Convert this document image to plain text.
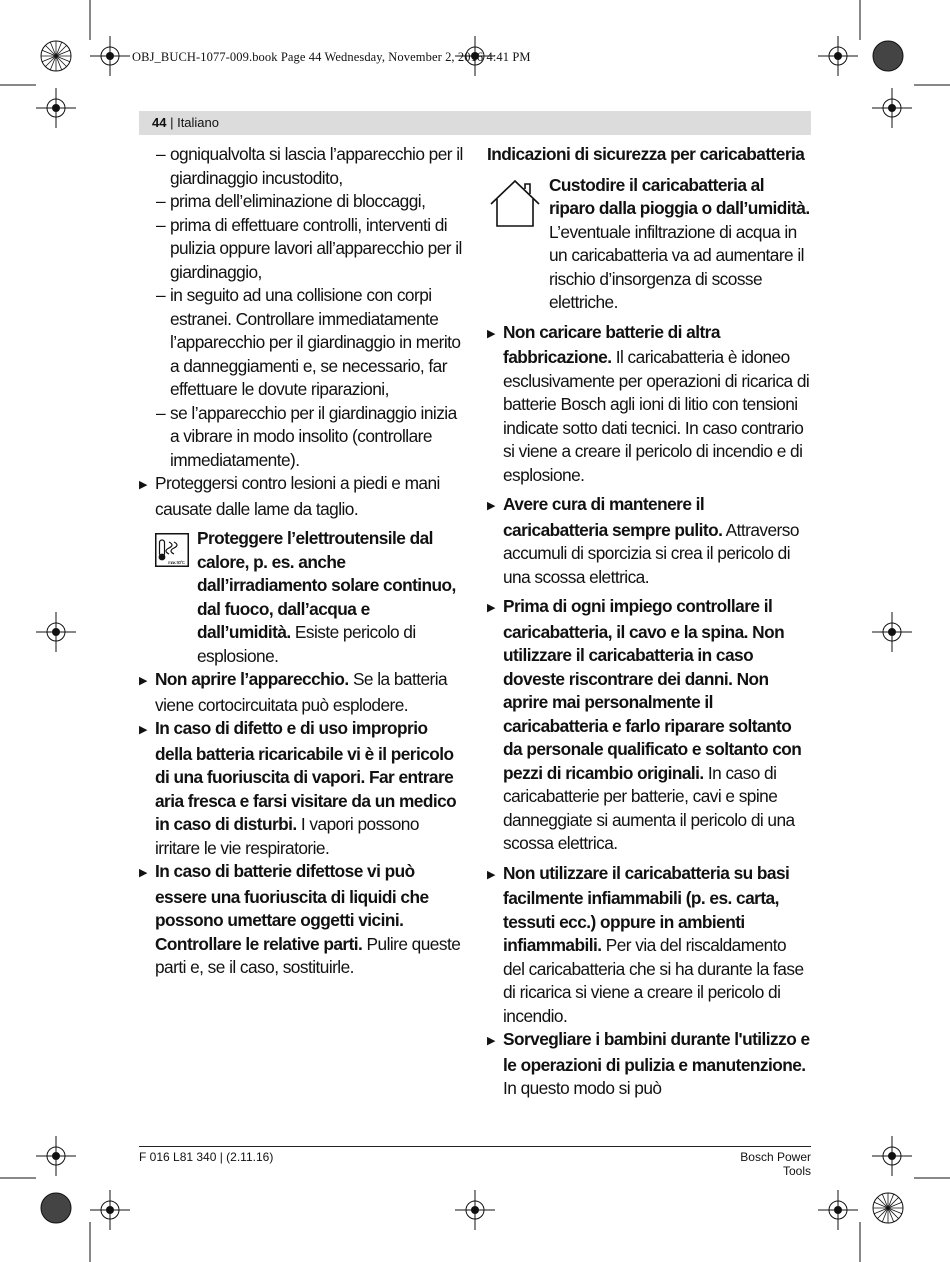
OBJ_BUCH-1077-009.book Page 44 Wednesday, November 2, 2016 4:41 PM
44 | Italiano
– ogniqualvolta si lascia l’apparecchio per il giardinaggio incustodito,
– prima dell’eliminazione di bloccaggi,
– prima di effettuare controlli, interventi di pulizia oppure lavori all’apparecchio per il giardinaggio,
– in seguito ad una collisione con corpi estranei. Controllare immediatamente l’apparecchio per il giardinaggio in merito a danneggiamenti e, se necessario, far effettuare le dovute riparazioni,
– se l’apparecchio per il giardinaggio inizia a vibrare in modo insolito (controllare immediatamente).
▶ Proteggersi contro lesioni a piedi e mani causate dalle lame da taglio.
max. 50°C
Proteggere l’elettroutensile dal calore, p. es. anche dall’irradiamento solare continuo, dal fuoco, dall’acqua e dall’umidità. Esiste pericolo di esplosione.
▶ Non aprire l’apparecchio. Se la batteria viene cortocircuitata può esplodere.
▶ In caso di difetto e di uso improprio della batteria ricaricabile vi è il pericolo di una fuoriuscita di vapori. Far entrare aria fresca e farsi visitare da un medico in caso di disturbi. I vapori possono irritare le vie respiratorie.
▶ In caso di batterie difettose vi può essere una fuoriuscita di liquidi che possono umettare oggetti vicini. Controllare le relative parti. Pulire queste parti e, se il caso, sostituirle.
Indicazioni di sicurezza per caricabatteria
Custodire il caricabatteria al riparo dalla pioggia o dall’umidità. L’eventuale infiltrazione di acqua in un caricabatteria va ad aumentare il rischio d’insorgenza di scosse elettriche.
▶ Non caricare batterie di altra fabbricazione. Il caricabatteria è idoneo esclusivamente per operazioni di ricarica di batterie Bosch agli ioni di litio con tensioni indicate sotto dati tecnici. In caso contrario si viene a creare il pericolo di incendio e di esplosione.
▶ Avere cura di mantenere il caricabatteria sempre pulito. Attraverso accumuli di sporcizia si crea il pericolo di una scossa elettrica.
▶ Prima di ogni impiego controllare il caricabatteria, il cavo e la spina. Non utilizzare il caricabatteria in caso doveste riscontrare dei danni. Non aprire mai personalmente il caricabatteria e farlo riparare soltanto da personale qualificato e soltanto con pezzi di ricambio originali. In caso di caricabatterie per batterie, cavi e spine danneggiate si aumenta il pericolo di una scossa elettrica.
▶ Non utilizzare il caricabatteria su basi facilmente infiammabili (p. es. carta, tessuti ecc.) oppure in ambienti infiammabili. Per via del riscaldamento del caricabatteria che si ha durante la fase di ricarica si viene a creare il pericolo di incendio.
▶ Sorvegliare i bambini durante l'utilizzo e le operazioni di pulizia e manutenzione. In questo modo si può
F 016 L81 340 | (2.11.16)	Bosch Power Tools
